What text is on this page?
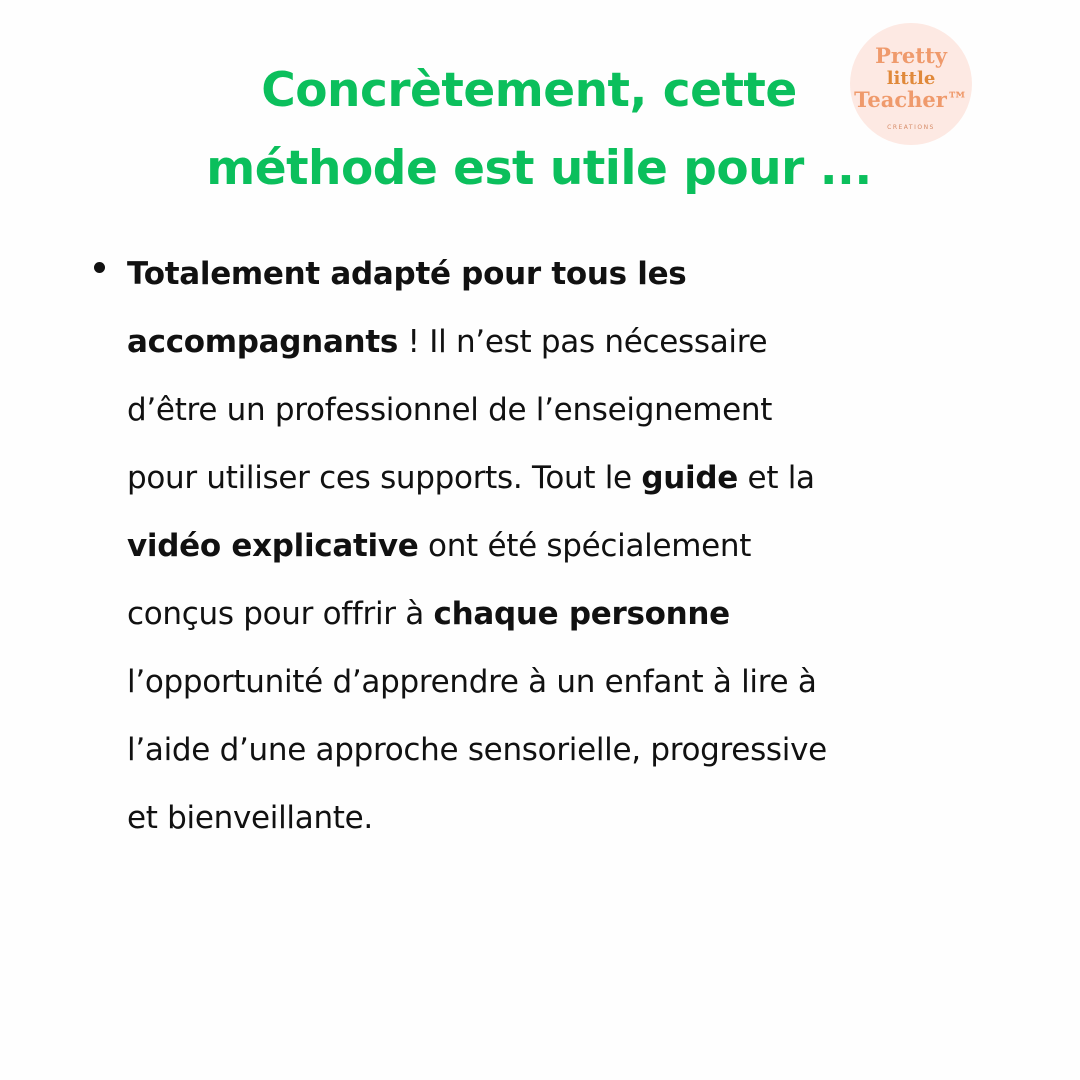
Concrètement, cette
méthode est utile pour ...
Pretty
little
Teacher™
CREATIONS
Totalement adapté pour tous les
accompagnants ! Il n’est pas nécessaire
d’être un professionnel de l’enseignement
pour utiliser ces supports. Tout le guide et la
vidéo explicative ont été spécialement
conçus pour offrir à chaque personne
l’opportunité d’apprendre à un enfant à lire à
l’aide d’une approche sensorielle, progressive
et bienveillante.
